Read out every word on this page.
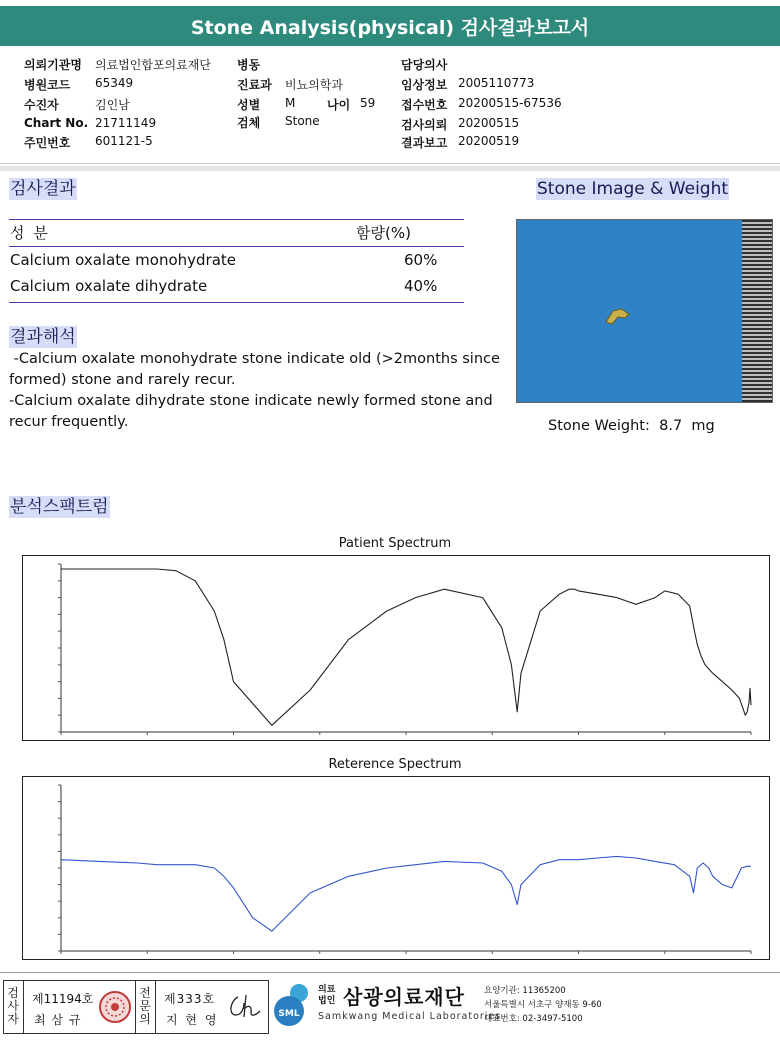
Stone Analysis(physical) 검사결과보고서
의뢰기관명 의료법인합포의료재단
병원코드 65349
수진자	김인남
Chart No. 21711149
주민번호 601121-5
병동
진료과 비뇨의학과
성별 M	나이 59
검체 Stone
담당의사
임상정보 2005110773
접수번호 20200515-67536
검사의뢰 20200515
결과보고 20200519
검사결과
성 분	함량(%)
Calcium oxalate monohydrate	60%
Calcium oxalate dihydrate	40%
Stone Image & Weight
Stone Weight: 8.7 mg
결과해석
-Calcium oxalate monohydrate stone indicate old (>2months since formed) stone and rarely recur.
-Calcium oxalate dihydrate stone indicate newly formed stone and recur frequently.
분석스팩트럼
Patient Spectrum
Reterence Spectrum
검사자
제11194호
최 삼 규
전문의
제333호
지 현 영	SML
의료법인 삼광의료재단
Samkwang Medical Laboratories
요양기관: 11365200
서울특별시 서초구 양재동 9-60
대표번호: 02-3497-5100
